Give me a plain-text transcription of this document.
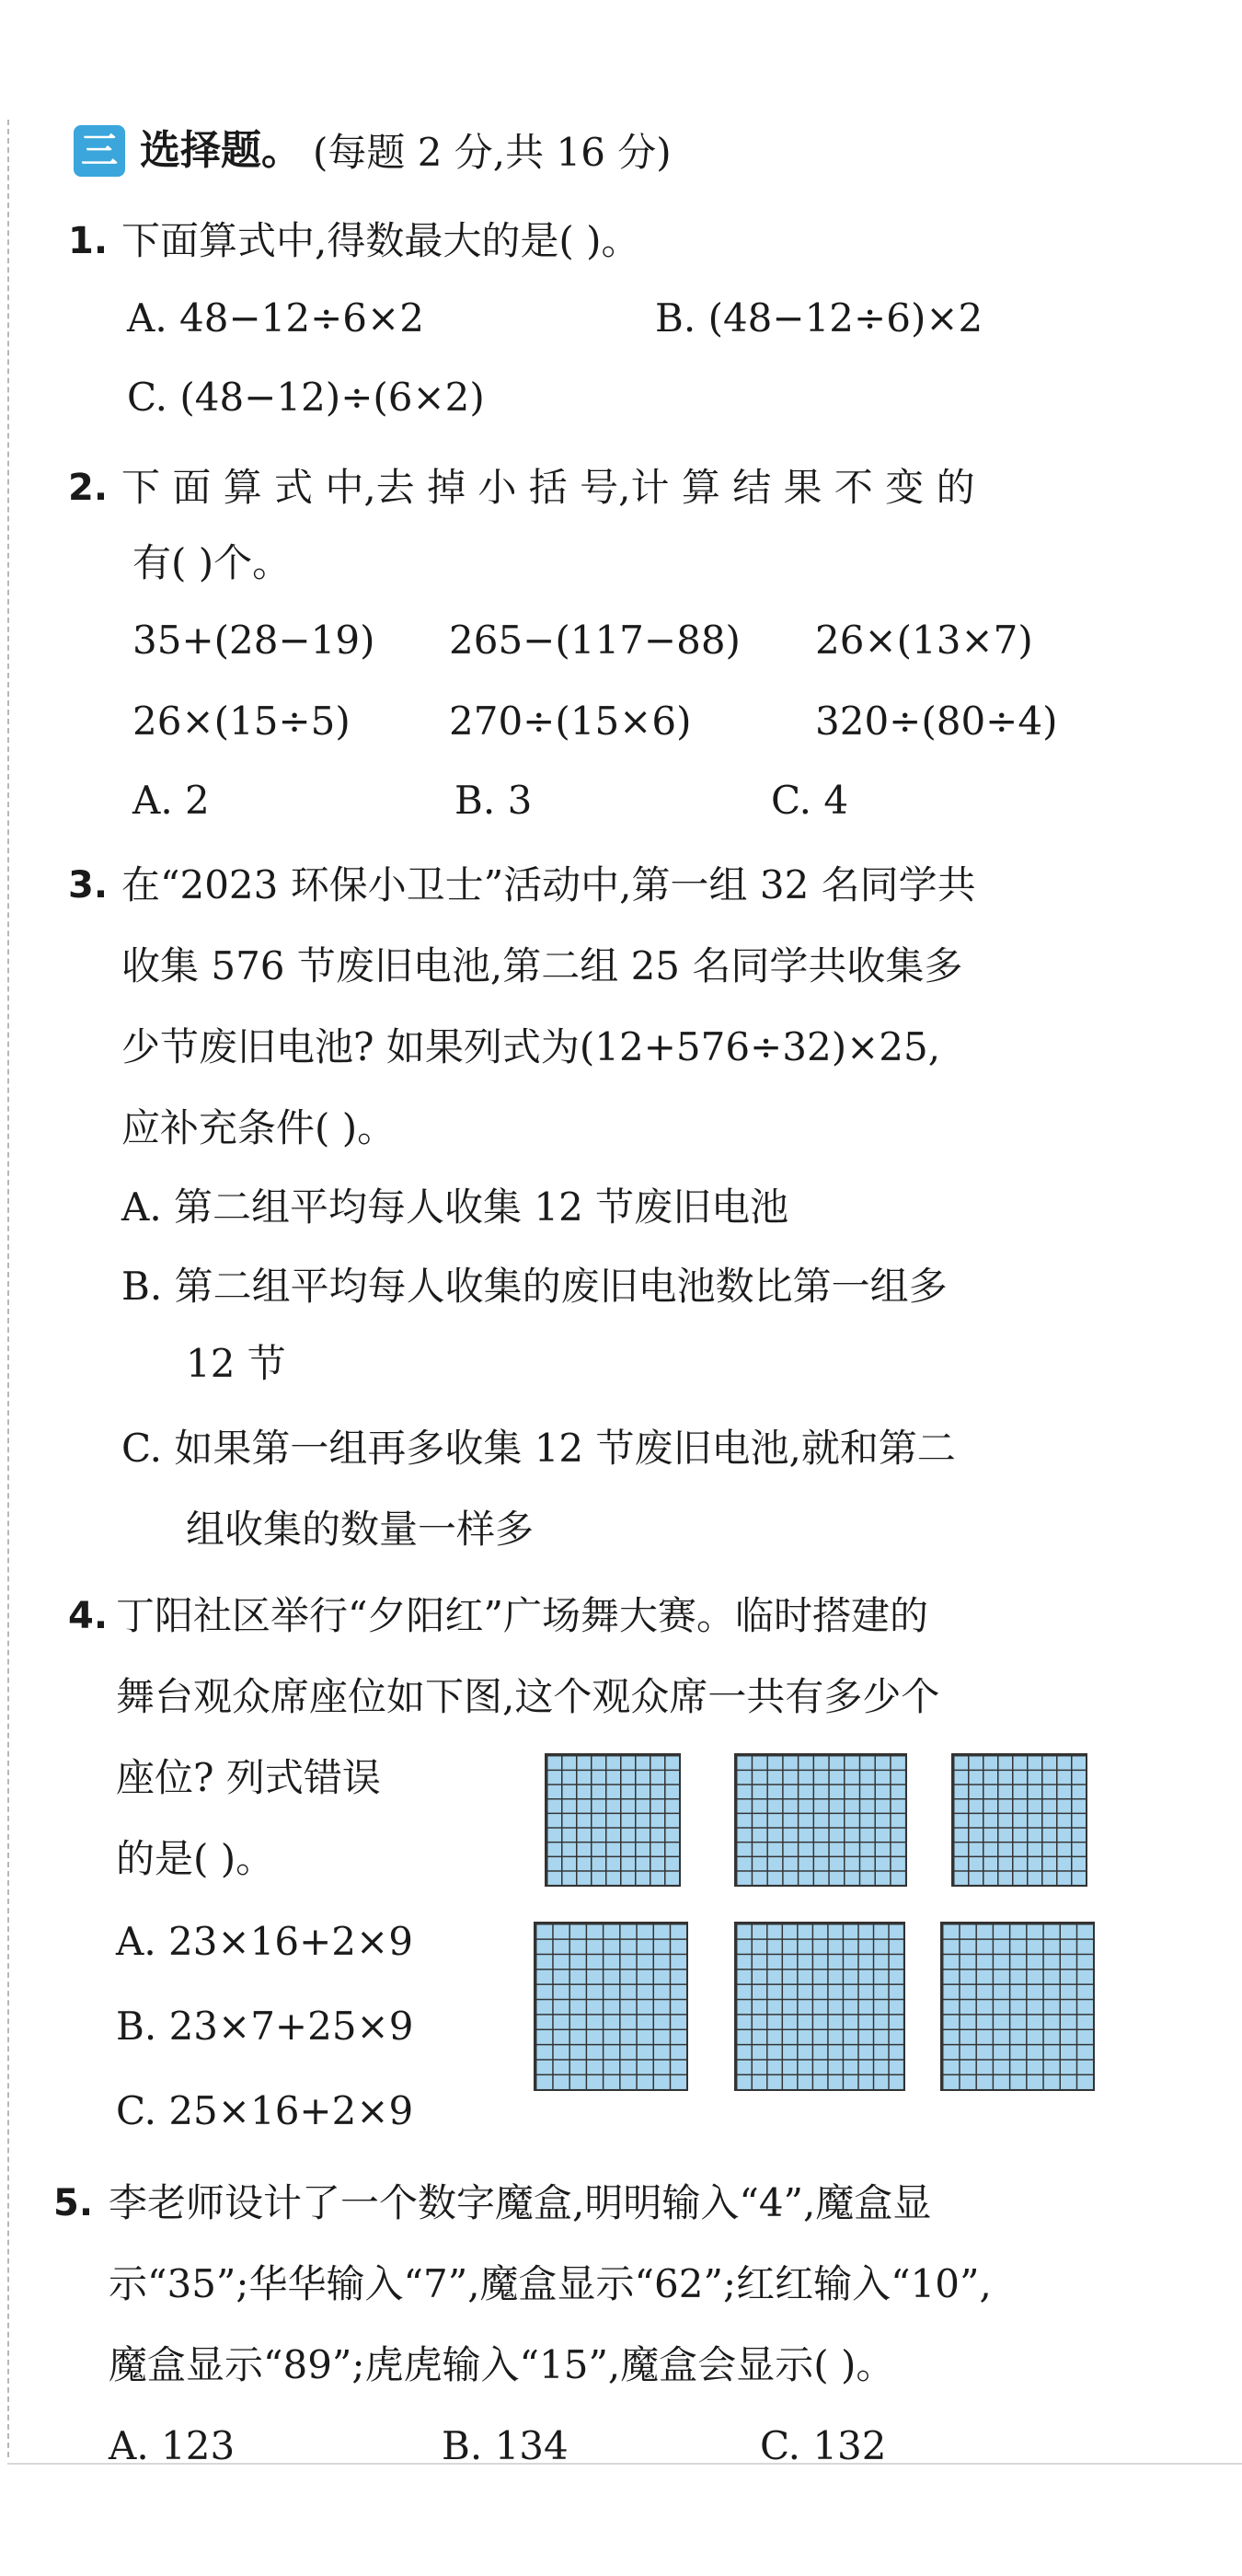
三 选择题。 (每题 2 分,共 16 分)
1. 下面算式中,得数最大的是( )。
A. 48−12÷6×2	B. (48−12÷6)×2
C. (48−12)÷(6×2)
2. 下 面 算 式 中,去 掉 小 括 号,计 算 结 果 不 变 的
有( )个。
35+(28−19) 265−(117−88) 26×(13×7)
26×(15÷5)	270÷(15×6)	320÷(80÷4)
A. 2	B. 3	C. 4
3. 在“2023 环保小卫士”活动中,第一组 32 名同学共
收集 576 节废旧电池,第二组 25 名同学共收集多
少节废旧电池? 如果列式为(12+576÷32)×25,
应补充条件( )。
A. 第二组平均每人收集 12 节废旧电池
B. 第二组平均每人收集的废旧电池数比第一组多
12 节
C. 如果第一组再多收集 12 节废旧电池,就和第二
组收集的数量一样多
4. 丁阳社区举行“夕阳红”广场舞大赛。临时搭建的
舞台观众席座位如下图,这个观众席一共有多少个
座位? 列式错误
的是( )。
A. 23×16+2×9
B. 23×7+25×9
C. 25×16+2×9
5. 李老师设计了一个数字魔盒,明明输入“4”,魔盒显
示“35”;华华输入“7”,魔盒显示“62”;红红输入“10”,
魔盒显示“89”;虎虎输入“15”,魔盒会显示( )。
A. 123	B. 134	C. 132
